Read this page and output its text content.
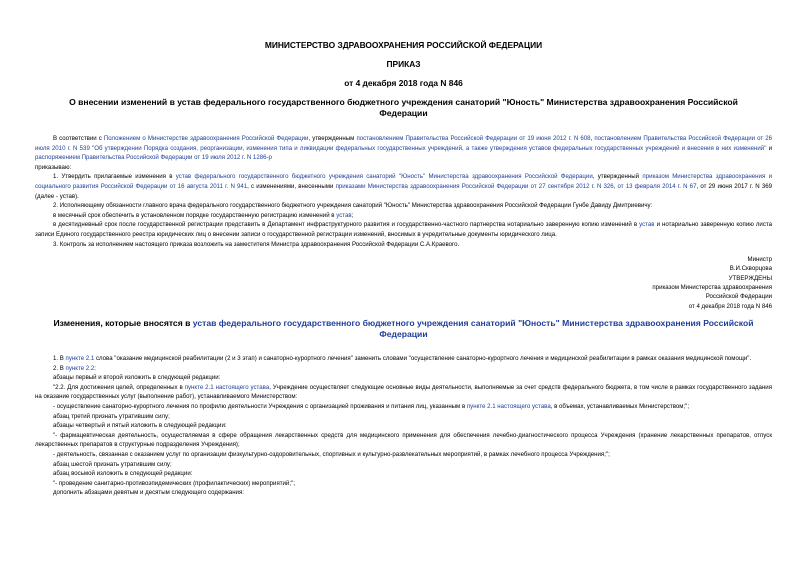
МИНИСТЕРСТВО ЗДРАВООХРАНЕНИЯ РОССИЙСКОЙ ФЕДЕРАЦИИ
ПРИКАЗ
от 4 декабря 2018 года N 846
О внесении изменений в устав федерального государственного бюджетного учреждения санаторий "Юность" Министерства здравоохранения Российской Федерации

В соответствии с Положением о Министерстве здравоохранения Российской Федерации, утвержденным постановлением Правительства Российской Федерации от 19 июня 2012 г. N 608, постановлением Правительства Российской Федерации от 26 июля 2010 г. N 539 "Об утверждении Порядка создания, реорганизации, изменения типа и ликвидации федеральных государственных учреждений, а также утверждения уставов федеральных государственных учреждений и внесения в них изменений" и распоряжением Правительства Российской Федерации от 19 июля 2012 г. N 1286-р

приказываю:

1. Утвердить прилагаемые изменения в устав федерального государственного бюджетного учреждения санаторий "Юность" Министерства здравоохранения Российской Федерации, утвержденный приказом Министерства здравоохранения и социального развития Российской Федерации от 16 августа 2011 г. N 941, с изменениями, внесенными приказами Министерства здравоохранения Российской Федерации от 27 сентября 2012 г. N 326, от 13 февраля 2014 г. N 67, от 29 июня 2017 г. N 369 (далее - устав).

2. Исполняющему обязанности главного врача федерального государственного бюджетного учреждения санаторий "Юность" Министерства здравоохранения Российской Федерации Гунбе Давиду Дмитриевичу:

в месячный срок обеспечить в установленном порядке государственную регистрацию изменений в устав;

в десятидневный срок после государственной регистрации представить в Департамент инфраструктурного развития и государственно-частного партнерства нотариально заверенную копию изменений в устав и нотариально заверенную копию листа записи Единого государственного реестра юридических лиц о внесении записи о государственной регистрации изменений, вносимых в учредительные документы юридического лица.

3. Контроль за исполнением настоящего приказа возложить на заместителя Министра здравоохранения Российской Федерации С.А.Краевого.

Министр

В.И.Скворцова

УТВЕРЖДЕНЫ

приказом Министерства здравоохранения

Российской Федерации

от 4 декабря 2018 года N 846

Изменения, которые вносятся в устав федерального государственного бюджетного учреждения санаторий "Юность" Министерства здравоохранения Российской Федерации

1. В пункте 2.1 слова "оказание медицинской реабилитации (2 и 3 этап) и санаторно-курортного лечения" заменить словами "осуществление санаторно-курортного лечения и медицинской реабилитации в рамках оказания медицинской помощи".

2. В пункте 2.2:

абзацы первый и второй изложить в следующей редакции:

"2.2. Для достижения целей, определенных в пункте 2.1 настоящего устава, Учреждение осуществляет следующие основные виды деятельности, выполняемые за счет средств федерального бюджета, в том числе в рамках государственного задания на оказание государственных услуг (выполнение работ), устанавливаемого Министерством:

- осуществление санаторно-курортного лечения по профилю деятельности Учреждения с организацией проживания и питания лиц, указанным в пункте 2.1 настоящего устава, в объемах, устанавливаемых Министерством;";

абзац третий признать утратившим силу;

абзацы четвертый и пятый изложить в следующей редакции:

"- фармацевтическая деятельность, осуществляемая в сфере обращения лекарственных средств для медицинского применения для обеспечения лечебно-диагностического процесса Учреждения (хранение лекарственных препаратов, отпуск лекарственных препаратов в структурные подразделения Учреждения);

- деятельность, связанная с оказанием услуг по организации физкультурно-оздоровительных, спортивных и культурно-развлекательных мероприятий, в рамках лечебного процесса Учреждения;";

абзац шестой признать утратившим силу;

абзац восьмой изложить в следующей редакции:

"- проведение санитарно-противоэпидемических (профилактических) мероприятий;";

дополнить абзацами девятым и десятым следующего содержания:
